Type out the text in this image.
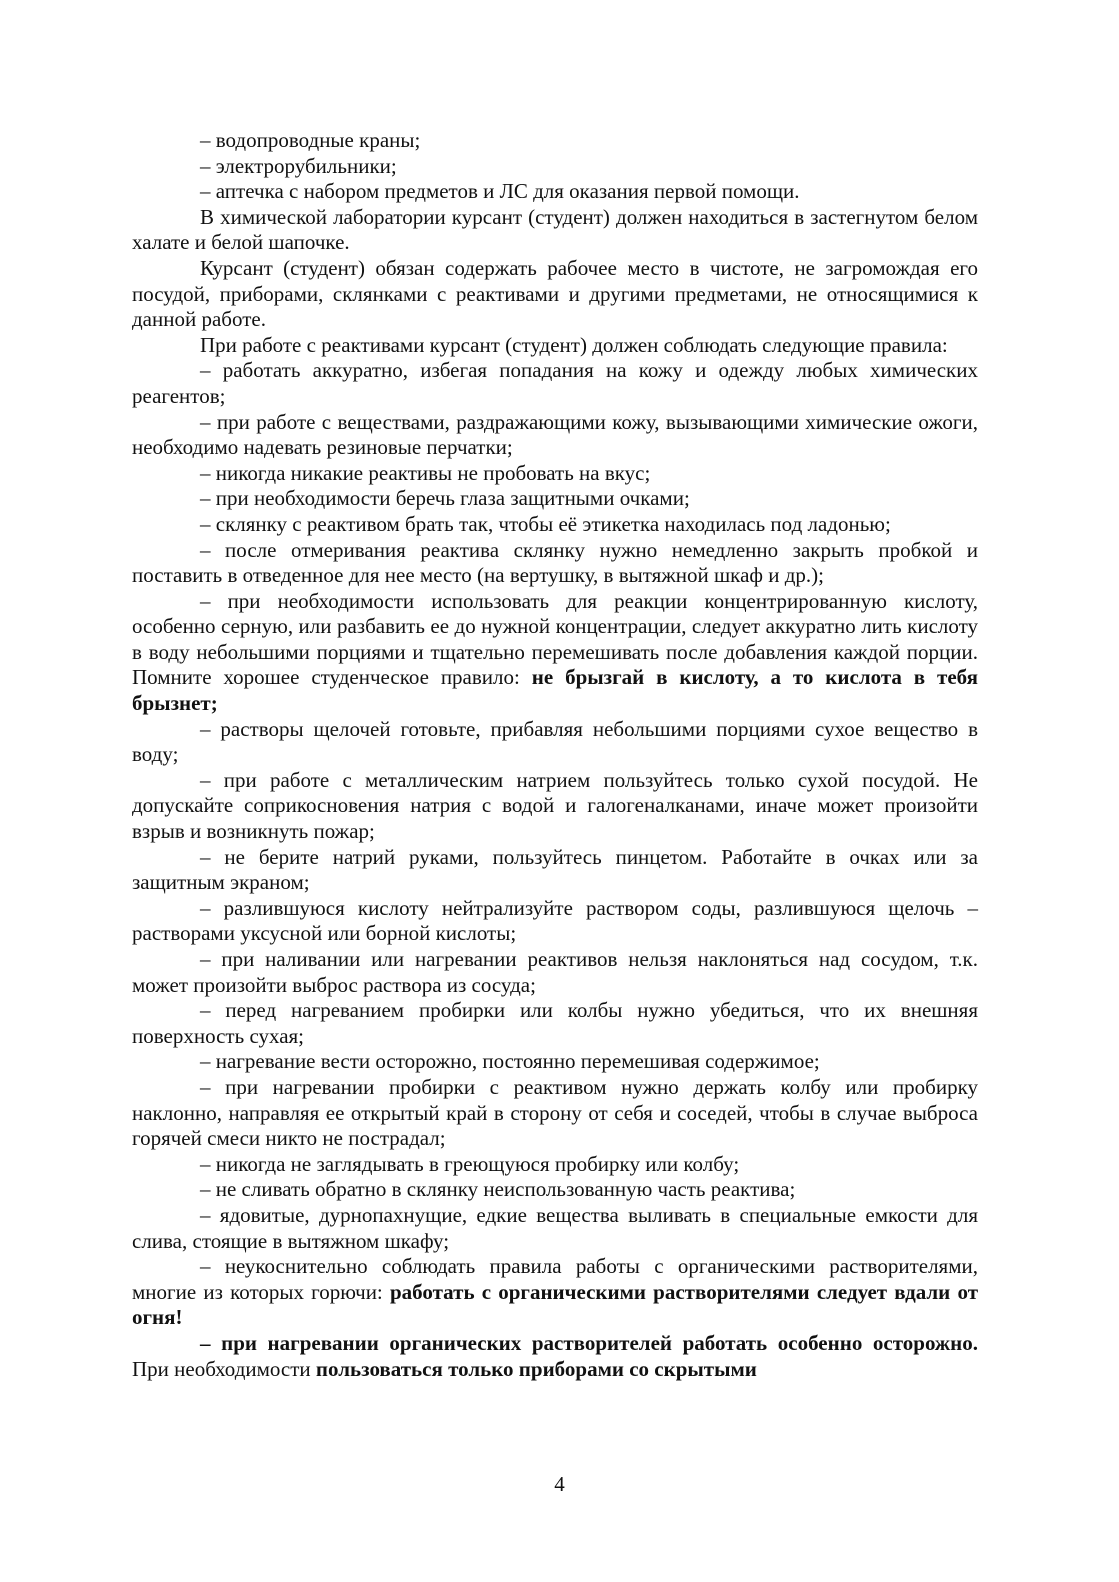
– водопроводные краны;

– электрорубильники;

– аптечка с набором предметов и ЛС для оказания первой помощи.

В химической лаборатории курсант (студент) должен находиться в застегнутом белом халате и белой шапочке.

Курсант (студент) обязан содержать рабочее место в чистоте, не загромождая его посудой, приборами, склянками с реактивами и другими предметами, не относящимися к данной работе.

При работе с реактивами курсант (студент) должен соблюдать следующие правила:

– работать аккуратно, избегая попадания на кожу и одежду любых химических реагентов;

– при работе с веществами, раздражающими кожу, вызывающими химические ожоги, необходимо надевать резиновые перчатки;

– никогда никакие реактивы не пробовать на вкус;

– при необходимости беречь глаза защитными очками;

– склянку с реактивом брать так, чтобы её этикетка находилась под ладонью;

– после отмеривания реактива склянку нужно немедленно закрыть пробкой и поставить в отведенное для нее место (на вертушку, в вытяжной шкаф и др.);

– при необходимости использовать для реакции концентрированную кислоту, особенно серную, или разбавить ее до нужной концентрации, следует аккуратно лить кислоту в воду небольшими порциями и тщательно перемешивать после добавления каждой порции. Помните хорошее студенческое правило: не брызгай в кислоту, а то кислота в тебя брызнет;

– растворы щелочей готовьте, прибавляя небольшими порциями сухое вещество в воду;

– при работе с металлическим натрием пользуйтесь только сухой посудой. Не допускайте соприкосновения натрия с водой и галогеналканами, иначе может произойти взрыв и возникнуть пожар;

– не берите натрий руками, пользуйтесь пинцетом. Работайте в очках или за защитным экраном;

– разлившуюся кислоту нейтрализуйте раствором соды, разлившуюся щелочь – растворами уксусной или борной кислоты;

– при наливании или нагревании реактивов нельзя наклоняться над сосудом, т.к. может произойти выброс раствора из сосуда;

– перед нагреванием пробирки или колбы нужно убедиться, что их внешняя поверхность сухая;

– нагревание вести осторожно, постоянно перемешивая содержимое;

– при нагревании пробирки с реактивом нужно держать колбу или пробирку наклонно, направляя ее открытый край в сторону от себя и соседей, чтобы в случае выброса горячей смеси никто не пострадал;

– никогда не заглядывать в греющуюся пробирку или колбу;

– не сливать обратно в склянку неиспользованную часть реактива;

– ядовитые, дурнопахнущие, едкие вещества выливать в специальные емкости для слива, стоящие в вытяжном шкафу;

– неукоснительно соблюдать правила работы с органическими растворителями, многие из которых горючи: работать с органическими растворителями следует вдали от огня!

– при нагревании органических растворителей работать особенно осторожно. При необходимости пользоваться только приборами со скрытыми

4
